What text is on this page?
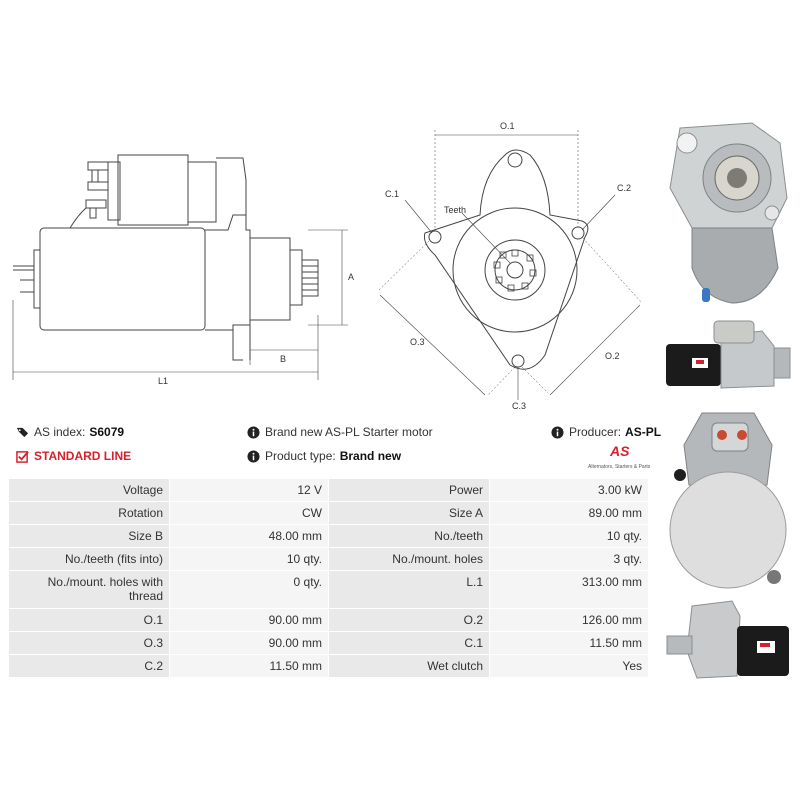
A
B
L1
O.1
O.2
O.3
C.1
C.2
C.3
Teeth
AS index: S6079
STANDARD LINE
Brand new AS-PL Starter motor
Product type: Brand new
Producer: AS-PL
AS
Alternators, Starters & Parts
Voltage	12 V	Power	3.00 kW
Rotation	CW	Size A	89.00 mm
Size B	48.00 mm	No./teeth	10 qty.
No./teeth (fits into)	10 qty.	No./mount. holes	3 qty.
No./mount. holes with thread	0 qty.	L.1	313.00 mm
O.1	90.00 mm	O.2	126.00 mm
O.3	90.00 mm	C.1	11.50 mm
C.2	11.50 mm	Wet clutch	Yes
